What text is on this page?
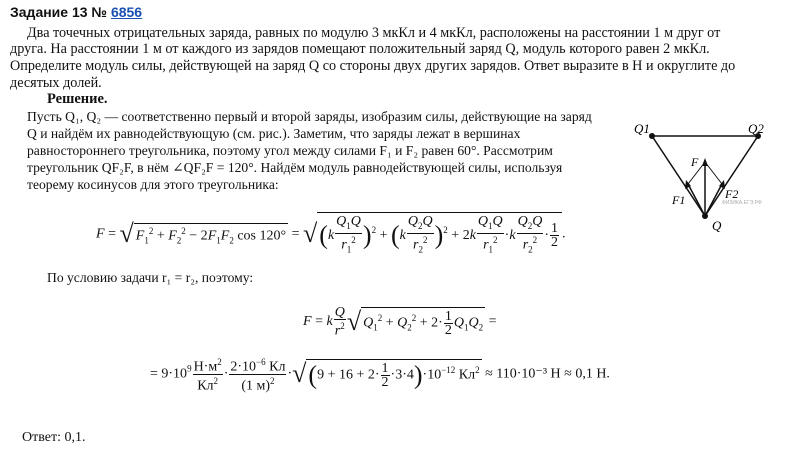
Задание 13 № 6856
Два точечных отрицательных заряда, равных по модулю 3 мкКл и 4 мкКл, расположены на расстоянии 1 м друг от
друга. На расстоянии 1 м от каждого из зарядов помещают положительный заряд Q, модуль которого равен 2 мкКл.
Определите модуль силы, действующей на заряд Q со стороны двух других зарядов. Ответ выразите в Н и округлите до
десятых долей.
Решение.
Пусть Q₁, Q₂ — соответственно первый и второй заряды, изобразим силы, действующие на заряд
Q и найдём их равнодействующую (см. рис.). Заметим, что заряды лежат в вершинах
равностороннего треугольника, поэтому угол между силами F₁ и F₂ равен 60°. Рассмотрим
треугольник QF₂F, в нём ∠QF₂F = 120°. Найдём модуль равнодействующей силы, используя
теорему косинусов для этого треугольника:
Q1	Q2
Q
F
F1	F2
ФИЗИКА.ЕГЭ.РФ
F = √ $F_1^2 + F_2^2 - 2F_1F_2$ $\cos 120^\circ = √(k \frac{Q_1Q}{r_1^2} )^2 + (k \frac{Q_2Q}{r_2^2} )^2 + 2k \frac{Q_1Q}{r_1^2} \cdot k \frac{Q_2Q}{r_2^2} \cdot \frac{1}{2}$ .
По условию задачи r₁ = r₂, поэтому:
F = k $\frac{Q}{r^2}$ √ $Q_1^2 + Q_2^2 + 2\cdot \frac{1}{2} Q_1Q_2$ =
= $9\cdot 10^9 \frac{Н\cdot м^2}{Кл^2} \cdot \frac{2\cdot 10^{-6} Кл}{(1 м)^2} \cdot√(9 + 16 + 2\cdot \frac{1}{2} \cdot 3\cdot 4)\cdot 10^{-12}$ $Кл^2 \approx 110\cdot 10^{-3}$ Н ≈ 0,1 Н.
Ответ: 0,1.
